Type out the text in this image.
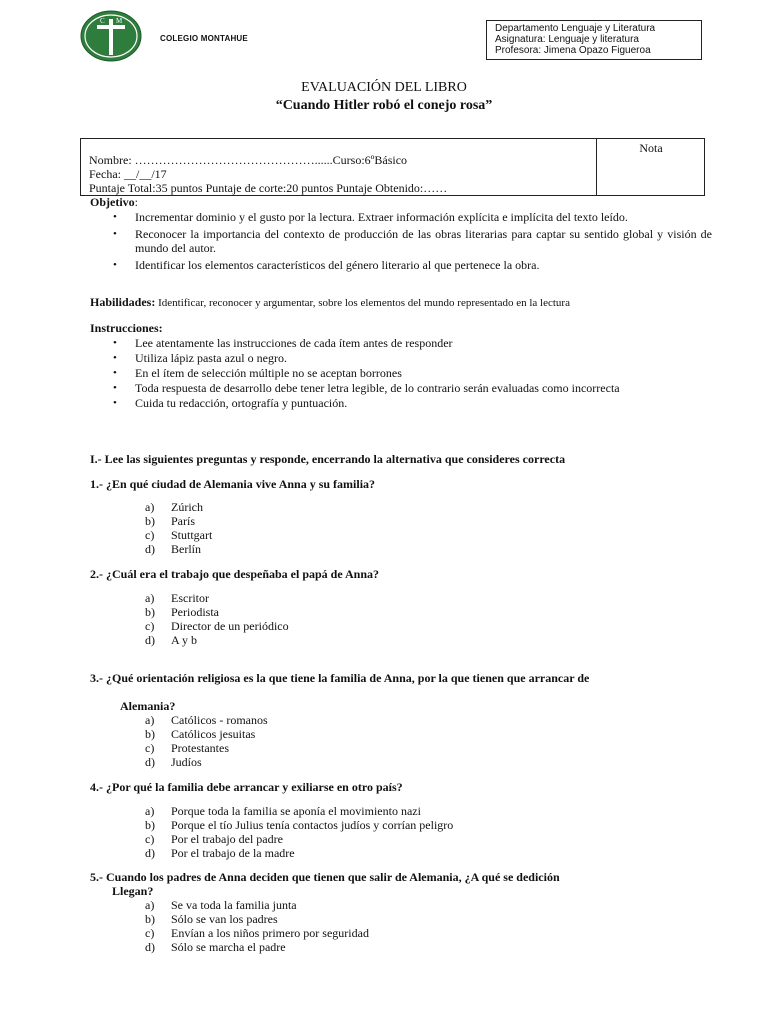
C M
COLEGIO MONTAHUE
Departamento Lenguaje y Literatura
Asignatura: Lenguaje y literatura
Profesora: Jimena Opazo Figueroa
EVALUACIÓN DEL LIBRO
“Cuando Hitler robó el conejo rosa”
Nota
Nombre: ………………………………………......Curso:6ºBásico
Fecha: __/__/17
Puntaje Total:35 puntos Puntaje de corte:20 puntos Puntaje Obtenido:……
Objetivo:
• Incrementar dominio y el gusto por la lectura. Extraer información explícita e implícita del texto leído.
• Reconocer la importancia del contexto de producción de las obras literarias para captar su sentido global y visión de mundo del autor.
• Identificar los elementos característicos del género literario al que pertenece la obra.
Habilidades: Identificar, reconocer y argumentar, sobre los elementos del mundo representado en la lectura
Instrucciones:
• Lee atentamente las instrucciones de cada ítem antes de responder
• Utiliza lápiz pasta azul o negro.
• En el ítem de selección múltiple no se aceptan borrones
• Toda respuesta de desarrollo debe tener letra legible, de lo contrario serán evaluadas como incorrecta
• Cuida tu redacción, ortografía y puntuación.
I.- Lee las siguientes preguntas y responde, encerrando la alternativa que consideres correcta
1.- ¿En qué ciudad de Alemania vive Anna y su familia?
a) Zúrich
b) París
c) Stuttgart
d) Berlín
2.- ¿Cuál era el trabajo que despeñaba el papá de Anna?
a) Escritor
b) Periodista
c) Director de un periódico
d) A y b
3.- ¿Qué orientación religiosa es la que tiene la familia de Anna, por la que tienen que arrancar de
Alemania?
a) Católicos - romanos
b) Católicos jesuitas
c) Protestantes
d) Judíos
4.- ¿Por qué la familia debe arrancar y exiliarse en otro país?
a) Porque toda la familia se aponía el movimiento nazi
b) Porque el tío Julius tenía contactos judíos y corrían peligro
c) Por el trabajo del padre
d) Por el trabajo de la madre
5.- Cuando los padres de Anna deciden que tienen que salir de Alemania, ¿A qué se dedición
Llegan?
a) Se va toda la familia junta
b) Sólo se van los padres
c) Envían a los niños primero por seguridad
d) Sólo se marcha el padre
